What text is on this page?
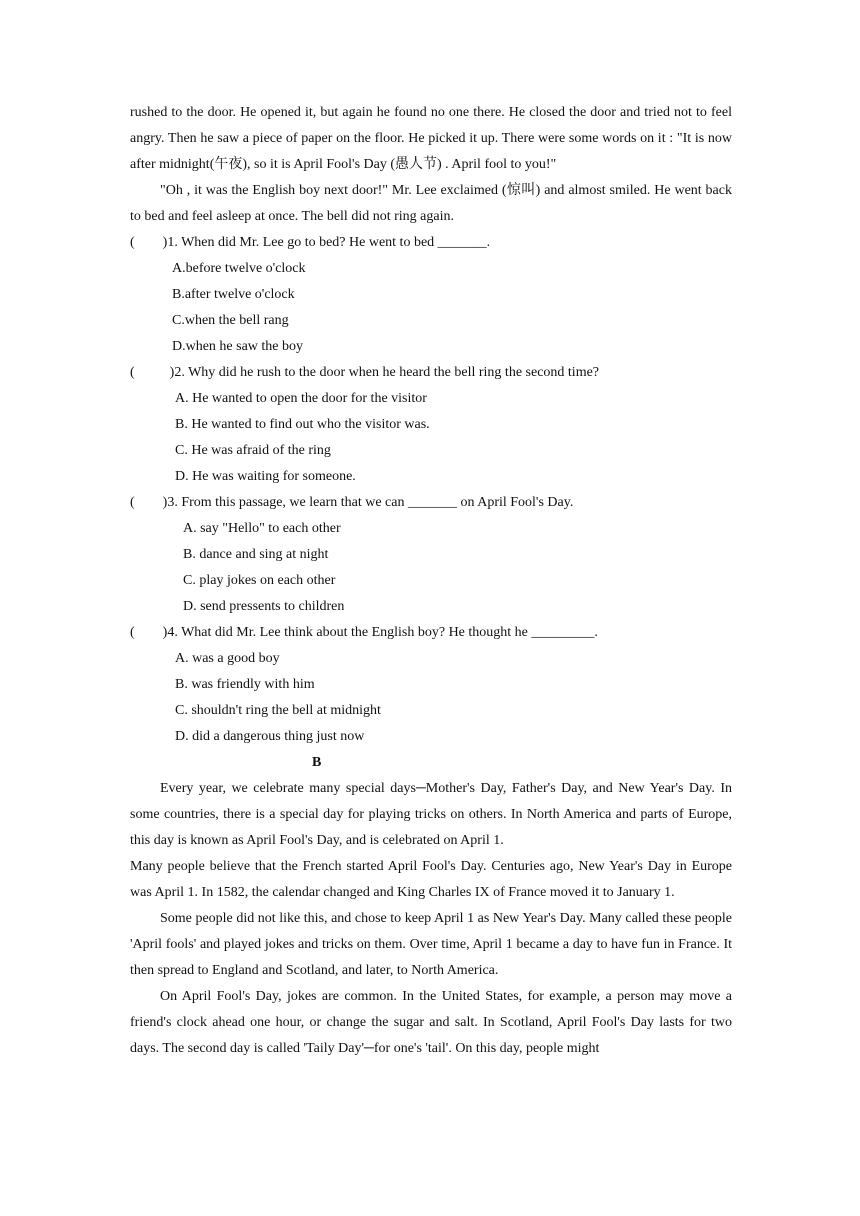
rushed to the door. He opened it, but again he found no one there. He closed the door and tried not to feel angry. Then he saw a piece of paper on the floor. He picked it up. There were some words on it : "It is now after midnight(午夜), so it is April Fool's Day (愚人节) . April fool to you!"

"Oh , it was the English boy next door!" Mr. Lee exclaimed (惊叫) and almost smiled. He went back to bed and feel asleep at once. The bell did not ring again.

(        )1. When did Mr. Lee go to bed? He went to bed _______.

A.before twelve o'clock

B.after twelve o'clock

C.when the bell rang

D.when he saw the boy

(          )2. Why did he rush to the door when he heard the bell ring the second time?

A. He wanted to open the door for the visitor

B. He wanted to find out who the visitor was.

C. He was afraid of the ring

D. He was waiting for someone.

(        )3. From this passage, we learn that we can _______ on April Fool's Day.

A. say "Hello" to each other

B. dance and sing at night

C. play jokes on each other

D. send pressents to children

(        )4. What did Mr. Lee think about the English boy? He thought he _________.

A. was a good boy

B. was friendly with him

C. shouldn't ring the bell at midnight

D. did a dangerous thing just now

B

Every year, we celebrate many special days─Mother's Day, Father's Day, and New Year's Day. In some countries, there is a special day for playing tricks on others. In North America and parts of Europe, this day is known as April Fool's Day, and is celebrated on April 1.

Many people believe that the French started April Fool's Day. Centuries ago, New Year's Day in Europe was April 1. In 1582, the calendar changed and King Charles IX of France moved it to January 1.

Some people did not like this, and chose to keep April 1 as New Year's Day. Many called these people 'April fools' and played jokes and tricks on them. Over time, April 1 became a day to have fun in France. It then spread to England and Scotland, and later, to North America.

On April Fool's Day, jokes are common. In the United States, for example, a person may move a friend's clock ahead one hour, or change the sugar and salt. In Scotland, April Fool's Day lasts for two days. The second day is called 'Taily Day'─for one's 'tail'. On this day, people might
